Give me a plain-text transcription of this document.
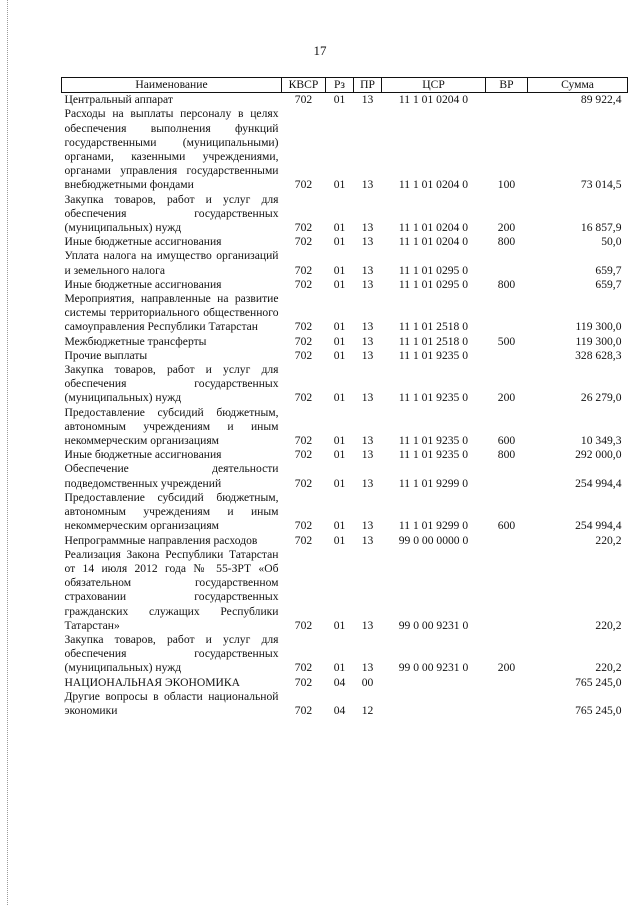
17
Наименование	КВСР	Рз	ПР	ЦСР	ВР	Сумма
Центральный аппарат	702	01	13	11 1 01 0204 0		89 922,4
Расходы на выплаты персоналу в целях обеспечения выполнения функций государственными (муниципальными) органами, казенными учреждениями, органами управления государственными внебюджетными фондами	702	01	13	11 1 01 0204 0	100	73 014,5
Закупка товаров, работ и услуг для обеспечения государственных (муниципальных) нужд	702	01	13	11 1 01 0204 0	200	16 857,9
Иные бюджетные ассигнования	702	01	13	11 1 01 0204 0	800	50,0
Уплата налога на имущество организаций и земельного налога	702	01	13	11 1 01 0295 0		659,7
Иные бюджетные ассигнования	702	01	13	11 1 01 0295 0	800	659,7
Мероприятия, направленные на развитие системы территориального общественного самоуправления Республики Татарстан	702	01	13	11 1 01 2518 0		119 300,0
Межбюджетные трансферты	702	01	13	11 1 01 2518 0	500	119 300,0
Прочие выплаты	702	01	13	11 1 01 9235 0		328 628,3
Закупка товаров, работ и услуг для обеспечения государственных (муниципальных) нужд	702	01	13	11 1 01 9235 0	200	26 279,0
Предоставление субсидий бюджетным, автономным учреждениям и иным некоммерческим организациям	702	01	13	11 1 01 9235 0	600	10 349,3
Иные бюджетные ассигнования	702	01	13	11 1 01 9235 0	800	292 000,0
Обеспечение деятельности подведомственных учреждений	702	01	13	11 1 01 9299 0		254 994,4
Предоставление субсидий бюджетным, автономным учреждениям и иным некоммерческим организациям	702	01	13	11 1 01 9299 0	600	254 994,4
Непрограммные направления расходов	702	01	13	99 0 00 0000 0		220,2
Реализация Закона Республики Татарстан от 14 июля 2012 года № 55-ЗРТ «Об обязательном государственном страховании государственных гражданских служащих Республики Татарстан»	702	01	13	99 0 00 9231 0		220,2
Закупка товаров, работ и услуг для обеспечения государственных (муниципальных) нужд	702	01	13	99 0 00 9231 0	200	220,2
НАЦИОНАЛЬНАЯ ЭКОНОМИКА	702	04	00			765 245,0
Другие вопросы в области национальной экономики	702	04	12			765 245,0
